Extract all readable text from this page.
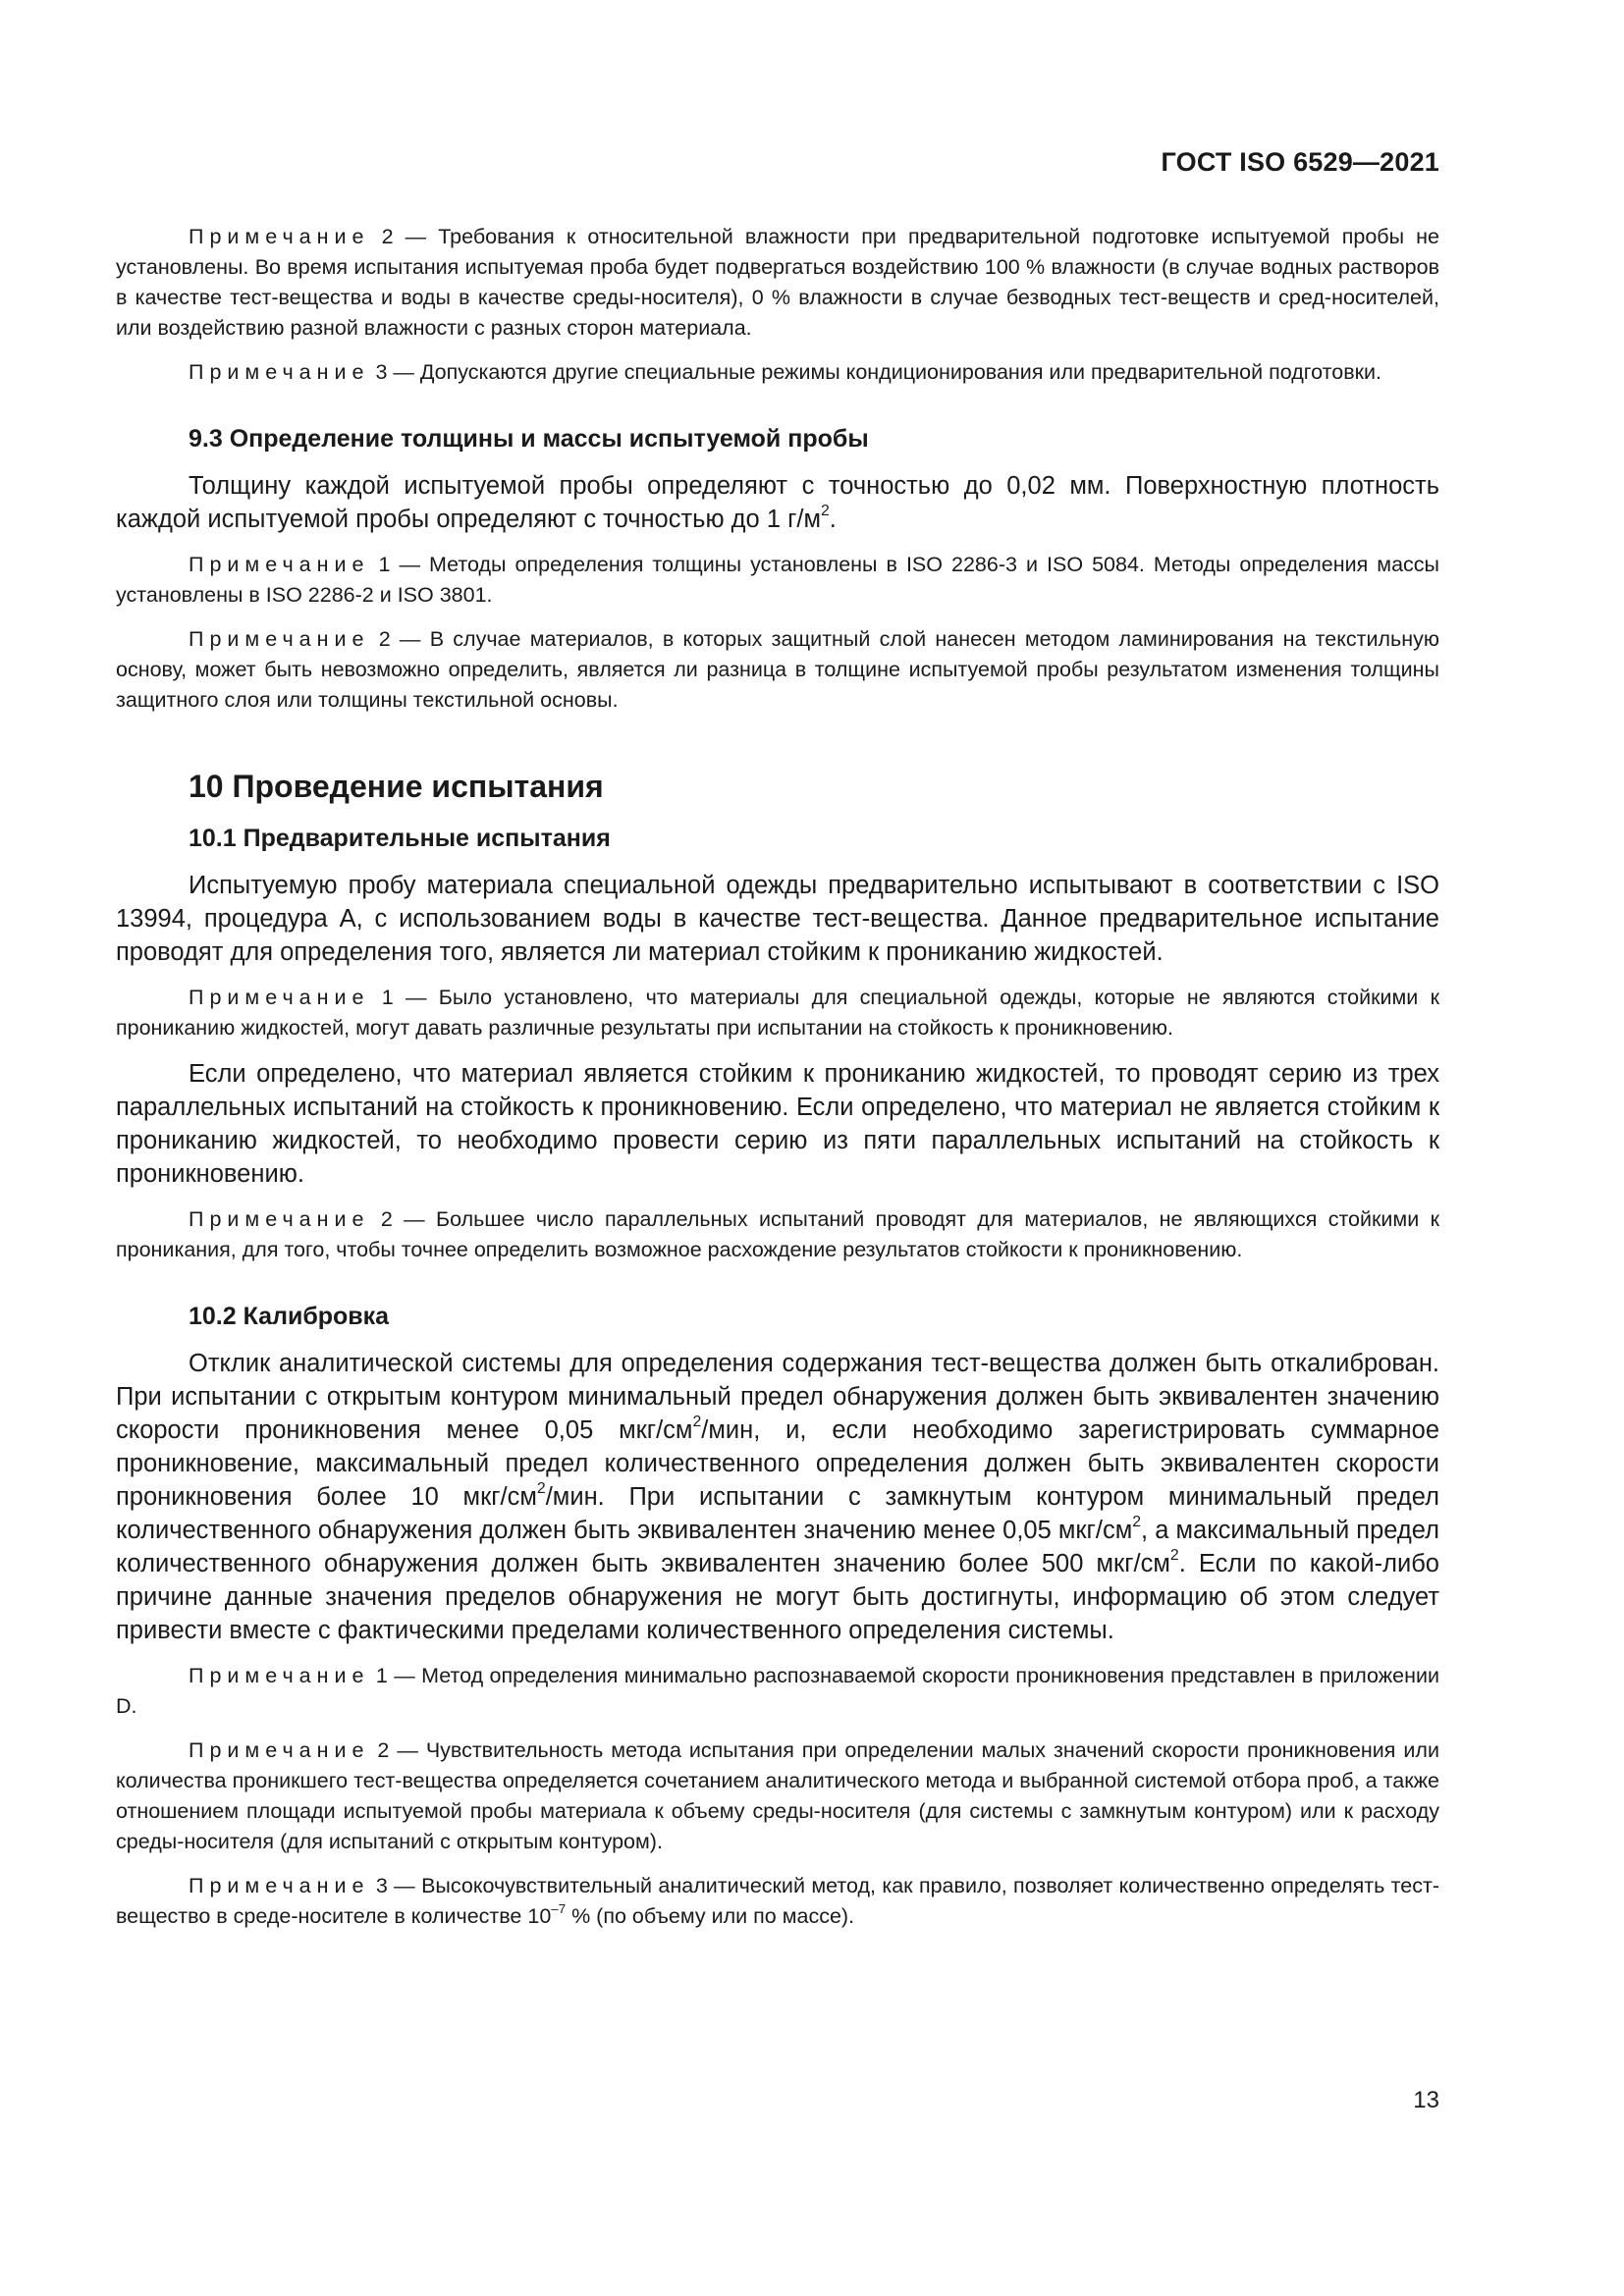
ГОСТ ISO 6529—2021

Примечание 2 — Требования к относительной влажности при предварительной подготовке испытуемой пробы не установлены. Во время испытания испытуемая проба будет подвергаться воздействию 100 % влажности (в случае водных растворов в качестве тест-вещества и воды в качестве среды-носителя), 0 % влажности в случае безводных тест-веществ и сред-носителей, или воздействию разной влажности с разных сторон материала.

Примечание 3 — Допускаются другие специальные режимы кондиционирования или предварительной подготовки.

9.3 Определение толщины и массы испытуемой пробы

Толщину каждой испытуемой пробы определяют с точностью до 0,02 мм. Поверхностную плотность каждой испытуемой пробы определяют с точностью до 1 $г/м^2$.

Примечание 1 — Методы определения толщины установлены в ISO 2286-3 и ISO 5084. Методы определения массы установлены в ISO 2286-2 и ISO 3801.

Примечание 2 — В случае материалов, в которых защитный слой нанесен методом ламинирования на текстильную основу, может быть невозможно определить, является ли разница в толщине испытуемой пробы результатом изменения толщины защитного слоя или толщины текстильной основы.

10 Проведение испытания
10.1 Предварительные испытания

Испытуемую пробу материала специальной одежды предварительно испытывают в соответствии с ISO 13994, процедура A, с использованием воды в качестве тест-вещества. Данное предварительное испытание проводят для определения того, является ли материал стойким к прониканию жидкостей.

Примечание 1 — Было установлено, что материалы для специальной одежды, которые не являются стойкими к прониканию жидкостей, могут давать различные результаты при испытании на стойкость к проникновению.

Если определено, что материал является стойким к прониканию жидкостей, то проводят серию из трех параллельных испытаний на стойкость к проникновению. Если определено, что материал не является стойким к прониканию жидкостей, то необходимо провести серию из пяти параллельных испытаний на стойкость к проникновению.

Примечание 2 — Большее число параллельных испытаний проводят для материалов, не являющихся стойкими к проникания, для того, чтобы точнее определить возможное расхождение результатов стойкости к проникновению.

10.2 Калибровка

Отклик аналитической системы для определения содержания тест-вещества должен быть откалиброван. При испытании с открытым контуром минимальный предел обнаружения должен быть эквивалентен значению скорости проникновения менее 0,05 мкг/$см^2$/мин, и, если необходимо зарегистрировать суммарное проникновение, максимальный предел количественного определения должен быть эквивалентен скорости проникновения более 10 мкг/$см^2$/мин. При испытании с замкнутым контуром минимальный предел количественного обнаружения должен быть эквивалентен значению менее 0,05 мкг/$см^2$, а максимальный предел количественного обнаружения должен быть эквивалентен значению более 500 мкг/$см^2$. Если по какой-либо причине данные значения пределов обнаружения не могут быть достигнуты, информацию об этом следует привести вместе с фактическими пределами количественного определения системы.

Примечание 1 — Метод определения минимально распознаваемой скорости проникновения представлен в приложении D.

Примечание 2 — Чувствительность метода испытания при определении малых значений скорости проникновения или количества проникшего тест-вещества определяется сочетанием аналитического метода и выбранной системой отбора проб, а также отношением площади испытуемой пробы материала к объему среды-носителя (для системы с замкнутым контуром) или к расходу среды-носителя (для испытаний с открытым контуром).

Примечание 3 — Высокочувствительный аналитический метод, как правило, позволяет количественно определять тест-вещество в среде-носителе в количестве $10^{-7}$ % (по объему или по массе).

13
